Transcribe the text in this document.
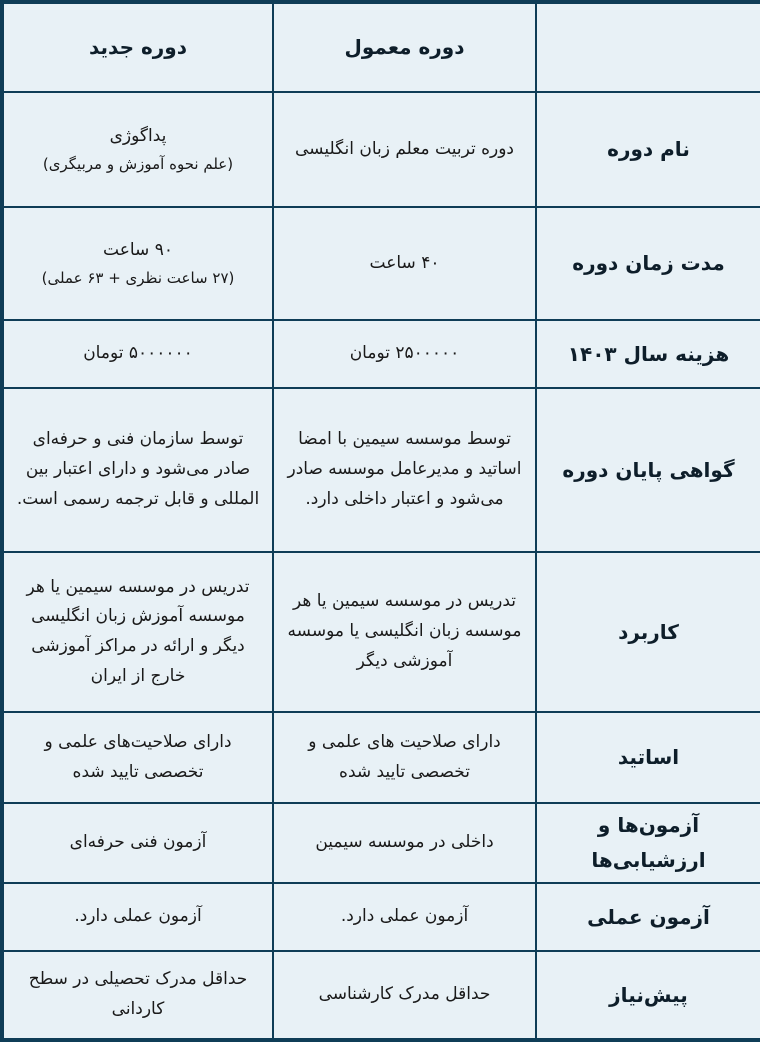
	دوره معمول	دوره جدید
نام دوره	دوره تربیت معلم زبان انگلیسی	پداگوژی
(علم نحوه آموزش و مربیگری)

مدت زمان دوره	۴۰ ساعت	۹۰ ساعت
(۲۷ ساعت نظری + ۶۳ عملی)

هزینه سال ۱۴۰۳	۲۵۰۰۰۰۰ تومان	۵۰۰۰۰۰۰ تومان
گواهی پایان دوره	توسط موسسه سیمین با امضا اساتید و مدیرعامل موسسه صادر می‌شود و اعتبار داخلی دارد.	توسط سازمان فنی و حرفه‌ای صادر می‌شود و دارای اعتبار بین المللی و قابل ترجمه رسمی است.
کاربرد	تدریس در موسسه سیمین یا هر موسسه زبان انگلیسی یا موسسه آموزشی دیگر	تدریس در موسسه سیمین یا هر موسسه آموزش زبان انگلیسی دیگر و ارائه در مراکز آموزشی خارج از ایران
اساتید	دارای صلاحیت های علمی و تخصصی تایید شده	دارای صلاحیت‌های علمی و تخصصی تایید شده
آزمون‌ها و ارزشیابی‌ها	داخلی در موسسه سیمین	آزمون فنی حرفه‌ای
آزمون عملی	آزمون عملی دارد.	آزمون عملی دارد.
پیش‌نیاز	حداقل مدرک کارشناسی	حداقل مدرک تحصیلی در سطح کاردانی
